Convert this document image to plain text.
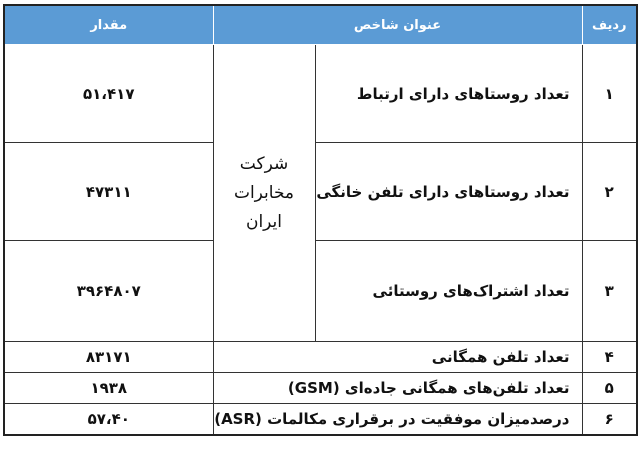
ردیف	عنوان شاخص		مقدار
۱	تعداد روستاهای دارای ارتباط	شرکت مخابرات ایران	۵۱،۴۱۷
۲	تعداد روستاهای دارای تلفن خانگی		۴۷۳۱۱
۳	تعداد اشتراک‌های روستائی		۳۹۶۴۸۰۷
۴	تعداد تلفن همگانی		۸۳۱۷۱
۵	تعداد تلفن‌های همگانی جاده‌ای (GSM)		۱۹۳۸
۶	درصدمیزان موفقیت در برقراری مکالمات (ASR)		۵۷،۴۰
